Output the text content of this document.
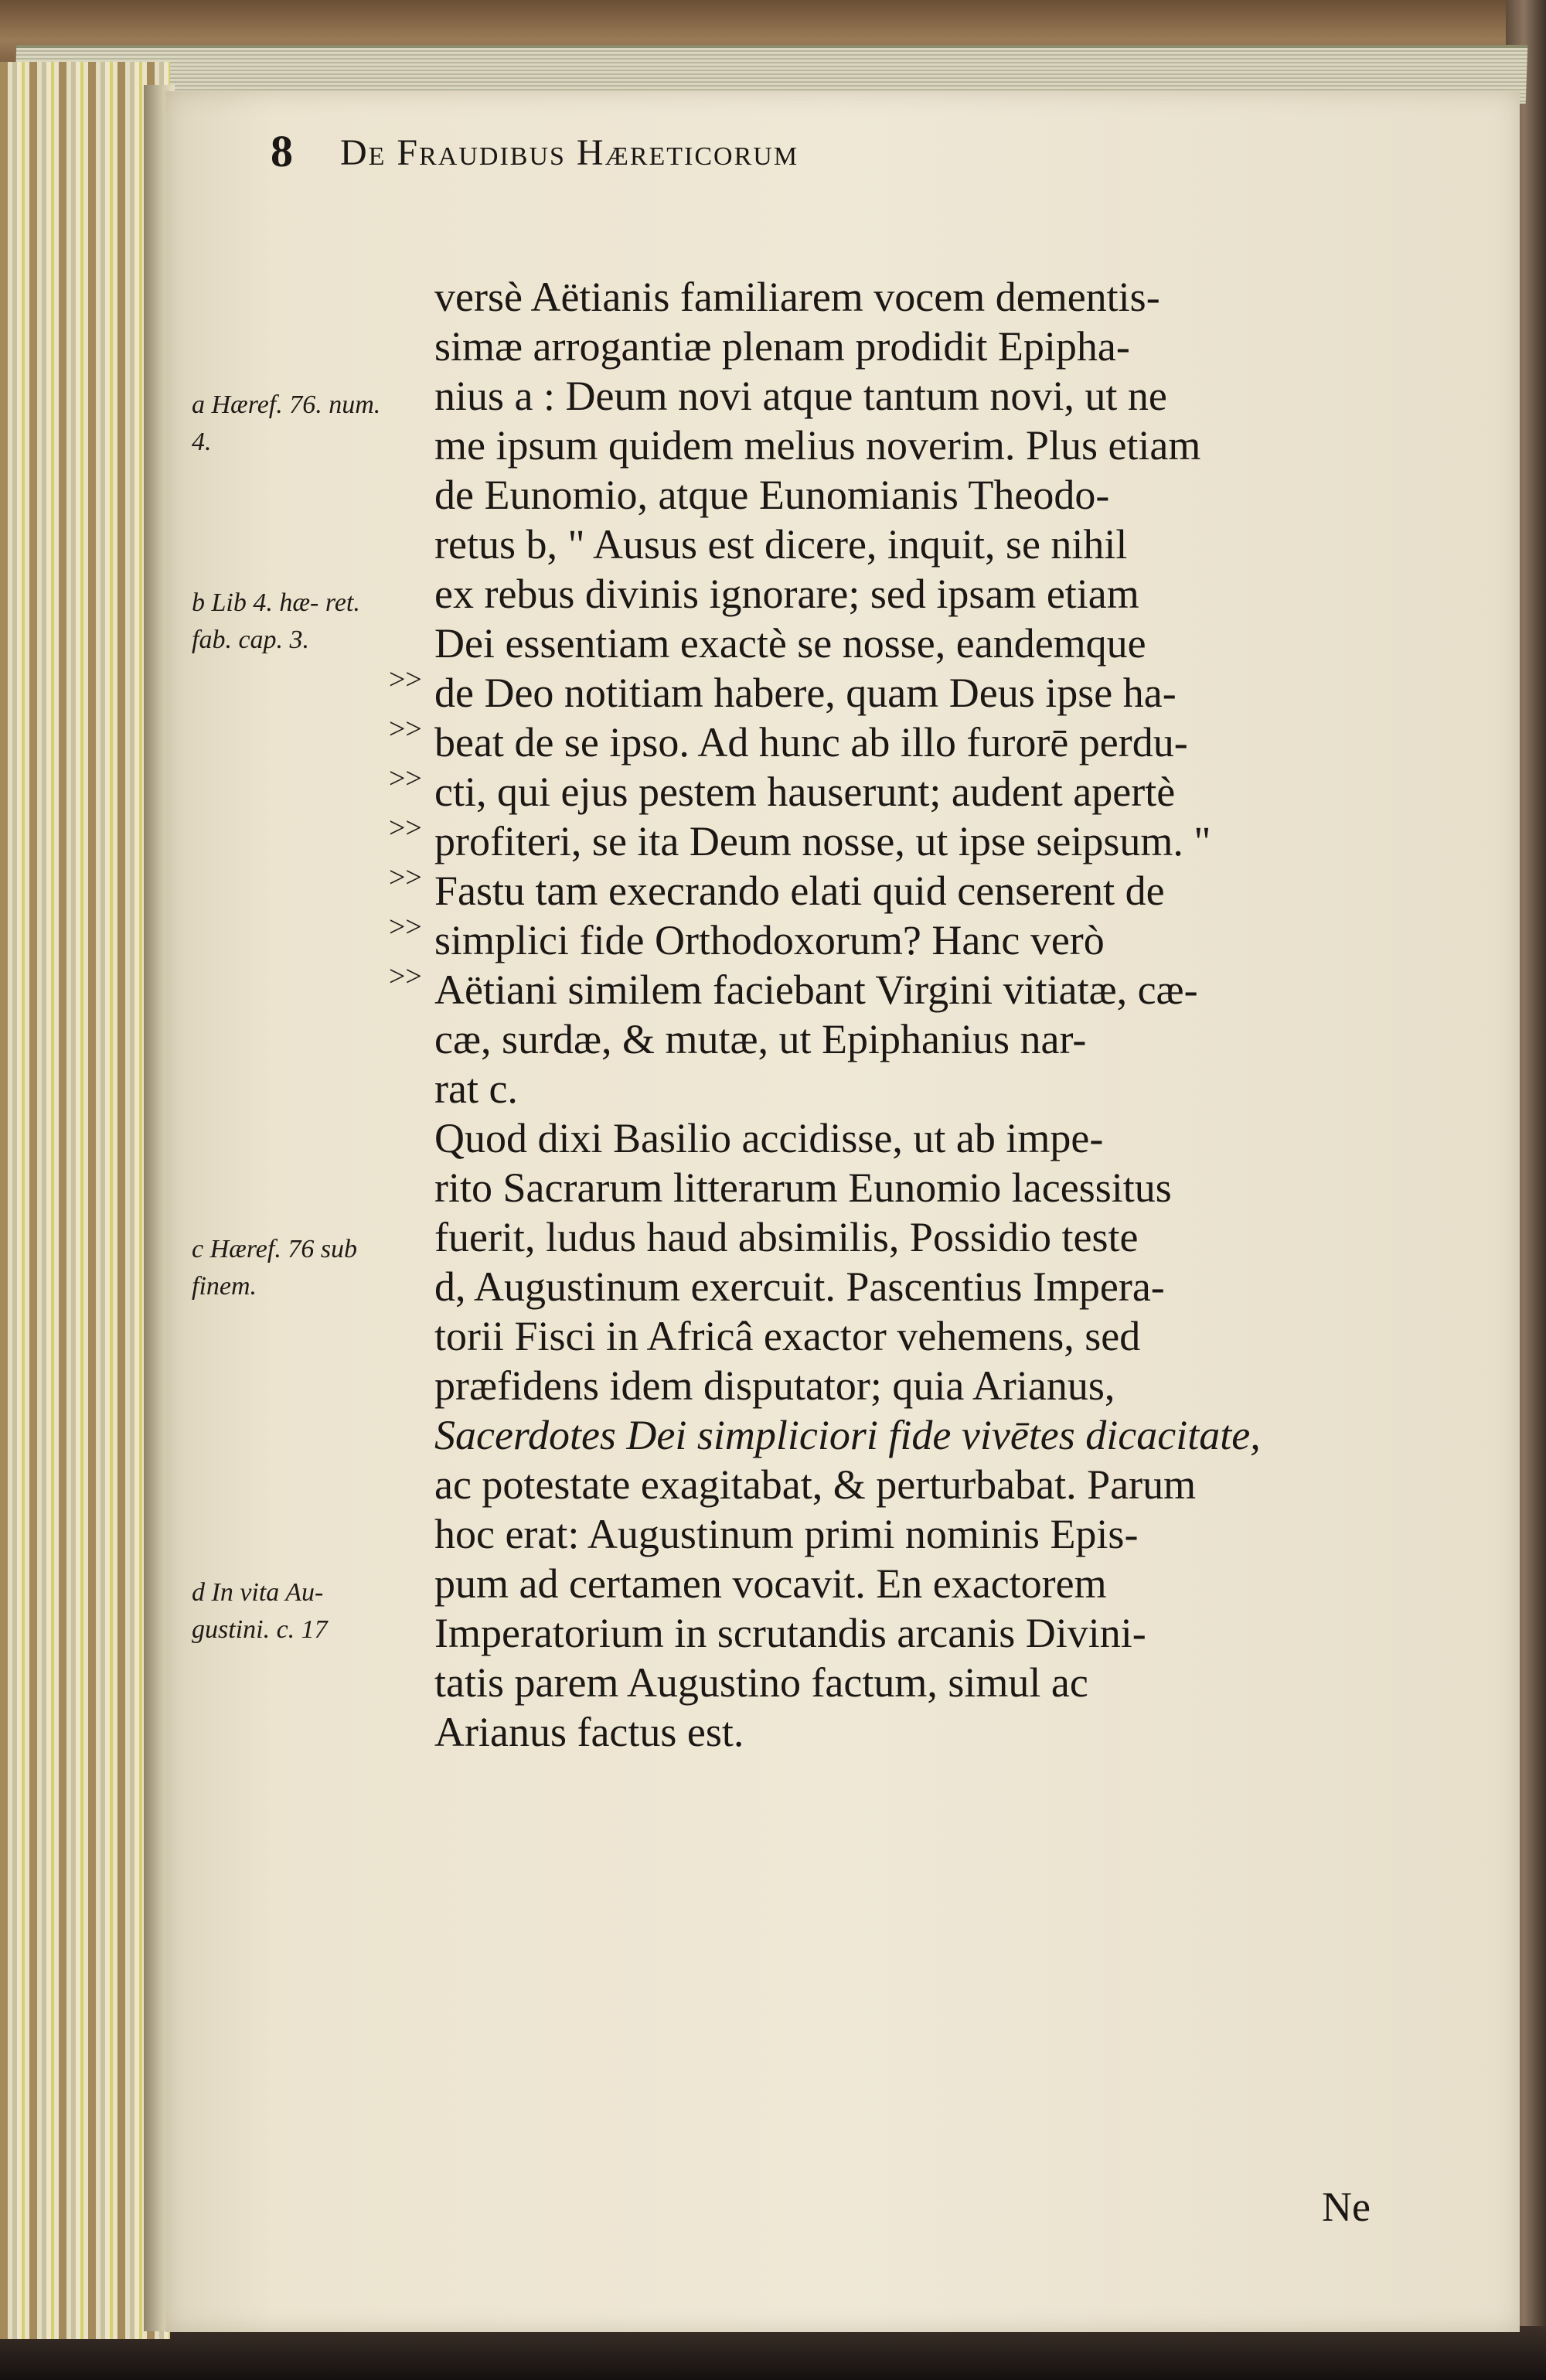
8 De Fraudibus Hæreticorum
a Hæref. 76. num. 4.
b Lib 4. hæ- ret. fab. cap. 3.
c Hæref. 76 sub finem.
d In vita Au- gustini. c. 17
>>
>>
>>
>>
>>
>>
>>
versè Aëtianis familiarem vocem dementis-
simæ arrogantiæ plenam prodidit Epipha-
nius a : Deum novi atque tantum novi, ut ne
me ipsum quidem melius noverim. Plus etiam
de Eunomio, atque Eunomianis Theodo-
retus b, " Ausus est dicere, inquit, se nihil
ex rebus divinis ignorare; sed ipsam etiam
Dei essentiam exactè se nosse, eandemque
de Deo notitiam habere, quam Deus ipse ha-
beat de se ipso. Ad hunc ab illo furorē perdu-
cti, qui ejus pestem hauserunt; audent apertè
profiteri, se ita Deum nosse, ut ipse seipsum. "
Fastu tam execrando elati quid censerent de
simplici fide Orthodoxorum? Hanc verò
Aëtiani similem faciebant Virgini vitiatæ, cæ-
cæ, surdæ, & mutæ, ut Epiphanius nar-
rat c.
Quod dixi Basilio accidisse, ut ab impe-
rito Sacrarum litterarum Eunomio lacessitus
fuerit, ludus haud absimilis, Possidio teste
d, Augustinum exercuit. Pascentius Impera-
torii Fisci in Africâ exactor vehemens, sed
præfidens idem disputator; quia Arianus,
Sacerdotes Dei simpliciori fide vivētes dicacitate,
ac potestate exagitabat, & perturbabat. Parum
hoc erat: Augustinum primi nominis Epis-
pum ad certamen vocavit. En exactorem
Imperatorium in scrutandis arcanis Divini-
tatis parem Augustino factum, simul ac
Arianus factus est.
Ne
